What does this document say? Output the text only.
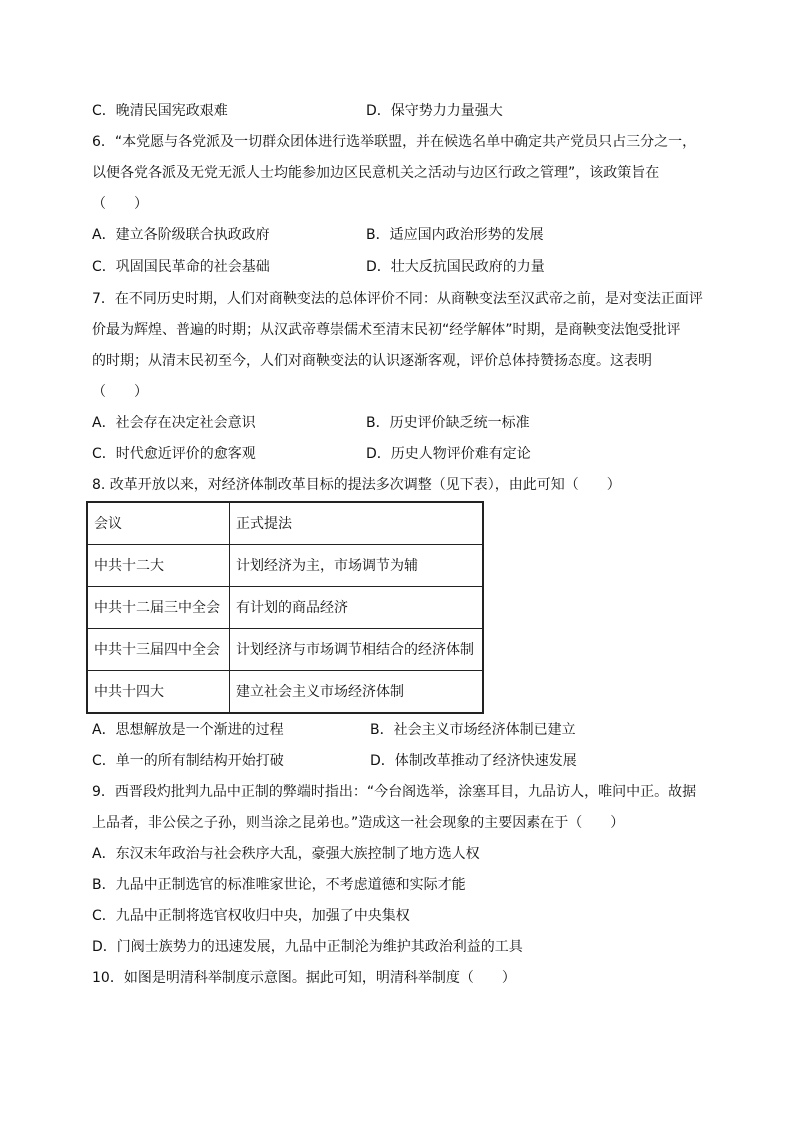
C．晚清民国宪政艰难	D．保守势力力量强大
6．“本党愿与各党派及一切群众团体进行选举联盟，并在候选名单中确定共产党员只占三分之一，
以便各党各派及无党无派人士均能参加边区民意机关之活动与边区行政之管理”，该政策旨在
（　　）
A．建立各阶级联合执政政府	B．适应国内政治形势的发展
C．巩固国民革命的社会基础	D．壮大反抗国民政府的力量
7．在不同历史时期，人们对商鞅变法的总体评价不同：从商鞅变法至汉武帝之前，是对变法正面评
价最为辉煌、普遍的时期；从汉武帝尊崇儒术至清末民初“经学解体”时期，是商鞅变法饱受批评
的时期；从清末民初至今，人们对商鞅变法的认识逐渐客观，评价总体持赞扬态度。这表明
（　　）
A．社会存在决定社会意识	B．历史评价缺乏统一标准
C．时代愈近评价的愈客观	D．历史人物评价难有定论
8. 改革开放以来，对经济体制改革目标的提法多次调整（见下表），由此可知（　　）
会议	正式提法
中共十二大	计划经济为主，市场调节为辅
中共十二届三中全会	有计划的商品经济
中共十三届四中全会	计划经济与市场调节相结合的经济体制
中共十四大	建立社会主义市场经济体制
A．思想解放是一个渐进的过程	B．社会主义市场经济体制已建立
C．单一的所有制结构开始打破	D．体制改革推动了经济快速发展
9．西晋段灼批判九品中正制的弊端时指出：“今台阁选举，涂塞耳目，九品访人，唯问中正。故据
上品者，非公侯之子孙，则当涂之昆弟也。”造成这一社会现象的主要因素在于（　　）
A．东汉末年政治与社会秩序大乱，豪强大族控制了地方选人权
B．九品中正制选官的标准唯家世论，不考虑道德和实际才能
C．九品中正制将选官权收归中央，加强了中央集权
D．门阀士族势力的迅速发展，九品中正制沦为维护其政治利益的工具
10．如图是明清科举制度示意图。据此可知，明清科举制度（　　）
